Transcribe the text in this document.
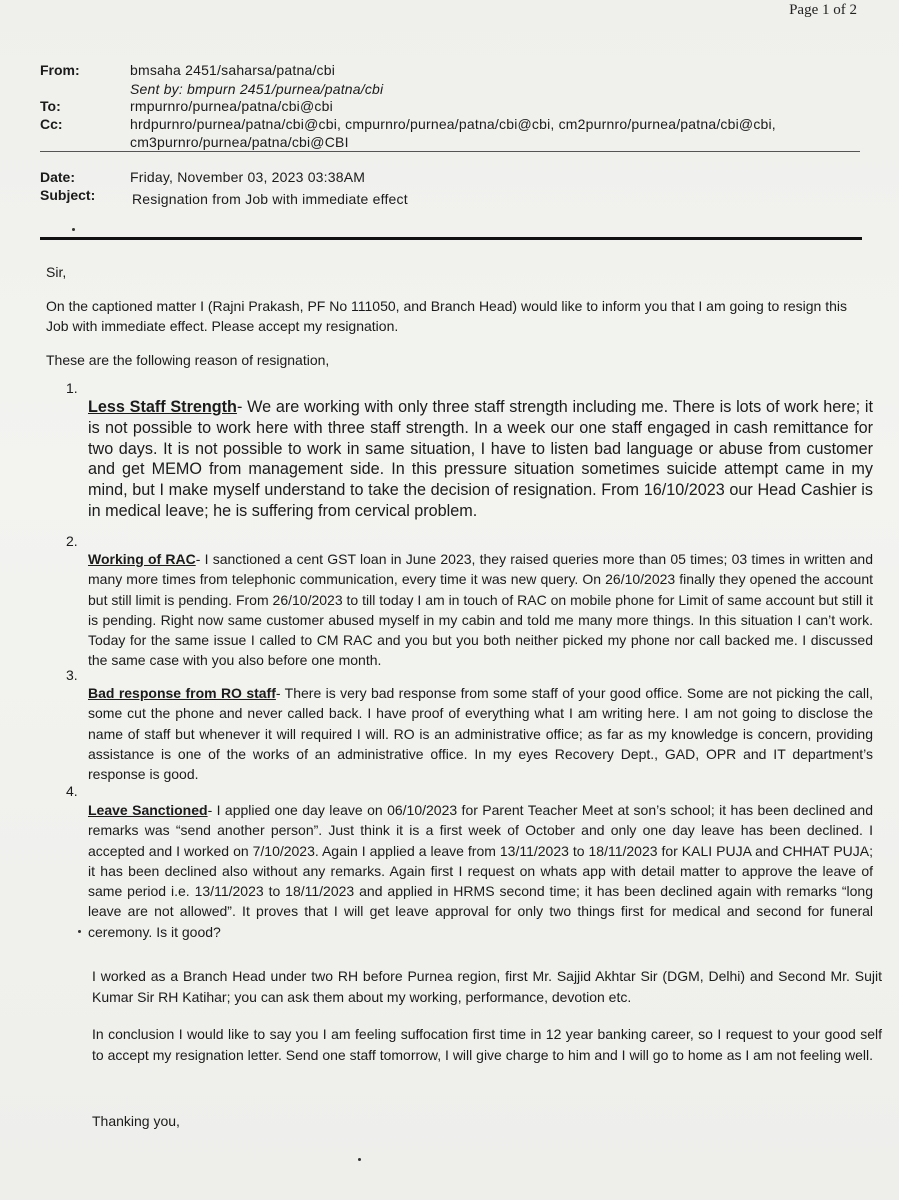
Page 1 of 2
From:	bmsaha 2451/saharsa/patna/cbi
Sent by: bmpurn 2451/purnea/patna/cbi
To:	rmpurnro/purnea/patna/cbi@cbi
Cc:	hrdpurnro/purnea/patna/cbi@cbi, cmpurnro/purnea/patna/cbi@cbi, cm2purnro/purnea/patna/cbi@cbi,
cm3purnro/purnea/patna/cbi@CBI
Date:	Friday, November 03, 2023 03:38AM
Subject:	Resignation from Job with immediate effect
Sir,
On the captioned matter I (Rajni Prakash, PF No 111050, and Branch Head) would like to inform you that I am going to resign this Job with immediate effect. Please accept my resignation.
These are the following reason of resignation,
1.
Less Staff Strength- We are working with only three staff strength including me. There is lots of work here; it is not possible to work here with three staff strength. In a week our one staff engaged in cash remittance for two days. It is not possible to work in same situation, I have to listen bad language or abuse from customer and get MEMO from management side. In this pressure situation sometimes suicide attempt came in my mind, but I make myself understand to take the decision of resignation. From 16/10/2023 our Head Cashier is in medical leave; he is suffering from cervical problem.
2.
Working of RAC- I sanctioned a cent GST loan in June 2023, they raised queries more than 05 times; 03 times in written and many more times from telephonic communication, every time it was new query. On 26/10/2023 finally they opened the account but still limit is pending. From 26/10/2023 to till today I am in touch of RAC on mobile phone for Limit of same account but still it is pending. Right now same customer abused myself in my cabin and told me many more things. In this situation I can’t work. Today for the same issue I called to CM RAC and you but you both neither picked my phone nor call backed me. I discussed the same case with you also before one month.
3.
Bad response from RO staff- There is very bad response from some staff of your good office. Some are not picking the call, some cut the phone and never called back. I have proof of everything what I am writing here. I am not going to disclose the name of staff but whenever it will required I will. RO is an administrative office; as far as my knowledge is concern, providing assistance is one of the works of an administrative office. In my eyes Recovery Dept., GAD, OPR and IT department’s response is good.
4.
Leave Sanctioned- I applied one day leave on 06/10/2023 for Parent Teacher Meet at son’s school; it has been declined and remarks was “send another person”. Just think it is a first week of October and only one day leave has been declined. I accepted and I worked on 7/10/2023. Again I applied a leave from 13/11/2023 to 18/11/2023 for KALI PUJA and CHHAT PUJA; it has been declined also without any remarks. Again first I request on whats app with detail matter to approve the leave of same period i.e. 13/11/2023 to 18/11/2023 and applied in HRMS second time; it has been declined again with remarks “long leave are not allowed”. It proves that I will get leave approval for only two things first for medical and second for funeral ceremony. Is it good?
I worked as a Branch Head under two RH before Purnea region, first Mr. Sajjid Akhtar Sir (DGM, Delhi) and Second Mr. Sujit Kumar Sir RH Katihar; you can ask them about my working, performance, devotion etc.
In conclusion I would like to say you I am feeling suffocation first time in 12 year banking career, so I request to your good self to accept my resignation letter. Send one staff tomorrow, I will give charge to him and I will go to home as I am not feeling well.
Thanking you,
